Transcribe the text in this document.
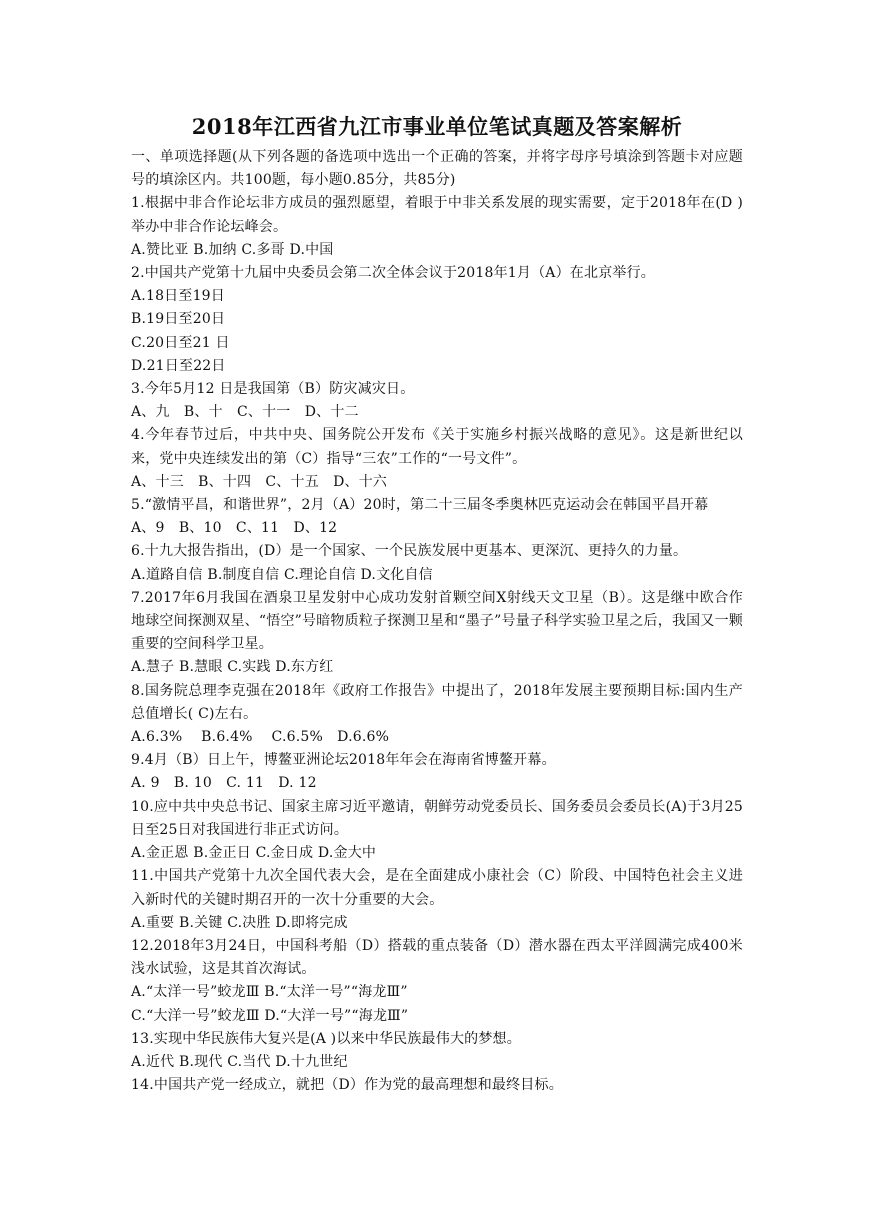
2018年江西省九江市事业单位笔试真题及答案解析
一、单项选择题(从下列各题的备选项中选出一个正确的答案，并将字母序号填涂到答题卡对应题号的填涂区内。共100题，每小题0.85分，共85分)
1.根据中非合作论坛非方成员的强烈愿望，着眼于中非关系发展的现实需要，定于2018年在(D )举办中非合作论坛峰会。
A.赞比亚 B.加纳 C.多哥 D.中国
2.中国共产党第十九届中央委员会第二次全体会议于2018年1月（A）在北京举行。
A.18日至19日
B.19日至20日
C.20日至21 日
D.21日至22日
3.今年5月12 日是我国第（B）防灾减灾日。
A、九　B、十　C、十一　D、十二
4.今年春节过后，中共中央、国务院公开发布《关于实施乡村振兴战略的意见》。这是新世纪以来，党中央连续发出的第（C）指导“三农”工作的“一号文件”。
A、十三　B、十四　C、十五　D、十六
5.“激情平昌，和谐世界”，2月（A）20时，第二十三届冬季奥林匹克运动会在韩国平昌开幕
A、9　B、10　C、11　D、12
6.十九大报告指出，(D）是一个国家、一个民族发展中更基本、更深沉、更持久的力量。
A.道路自信 B.制度自信 C.理论自信 D.文化自信
7.2017年6月我国在酒泉卫星发射中心成功发射首颗空间X射线天文卫星（B）。这是继中欧合作地球空间探测双星、“悟空”号暗物质粒子探测卫星和“墨子”号量子科学实验卫星之后，我国又一颗重要的空间科学卫星。
A.慧子 B.慧眼 C.实践 D.东方红
8.国务院总理李克强在2018年《政府工作报告》中提出了，2018年发展主要预期目标:国内生产总值增长( C)左右。
A.6.3%　 B.6.4%　 C.6.5%　D.6.6%
9.4月（B）日上午，博鳌亚洲论坛2018年年会在海南省博鳌开幕。
A. 9　B. 10　C. 11　D. 12
10.应中共中央总书记、国家主席习近平邀请，朝鲜劳动党委员长、国务委员会委员长(A)于3月25日至25日对我国进行非正式访问。
A.金正恩 B.金正日 C.金日成 D.金大中
11.中国共产党第十九次全国代表大会，是在全面建成小康社会（C）阶段、中国特色社会主义进入新时代的关键时期召开的一次十分重要的大会。
A.重要 B.关键 C.决胜 D.即将完成
12.2018年3月24日，中国科考船（D）搭载的重点装备（D）潜水器在西太平洋圆满完成400米浅水试验，这是其首次海试。
A.“太洋一号”蛟龙Ⅲ B.“太洋一号”“海龙Ⅲ”
C.“大洋一号”蛟龙Ⅲ D.“大洋一号”“海龙Ⅲ”
13.实现中华民族伟大复兴是(A )以来中华民族最伟大的梦想。
A.近代 B.现代 C.当代 D.十九世纪
14.中国共产党一经成立，就把（D）作为党的最高理想和最终目标。
